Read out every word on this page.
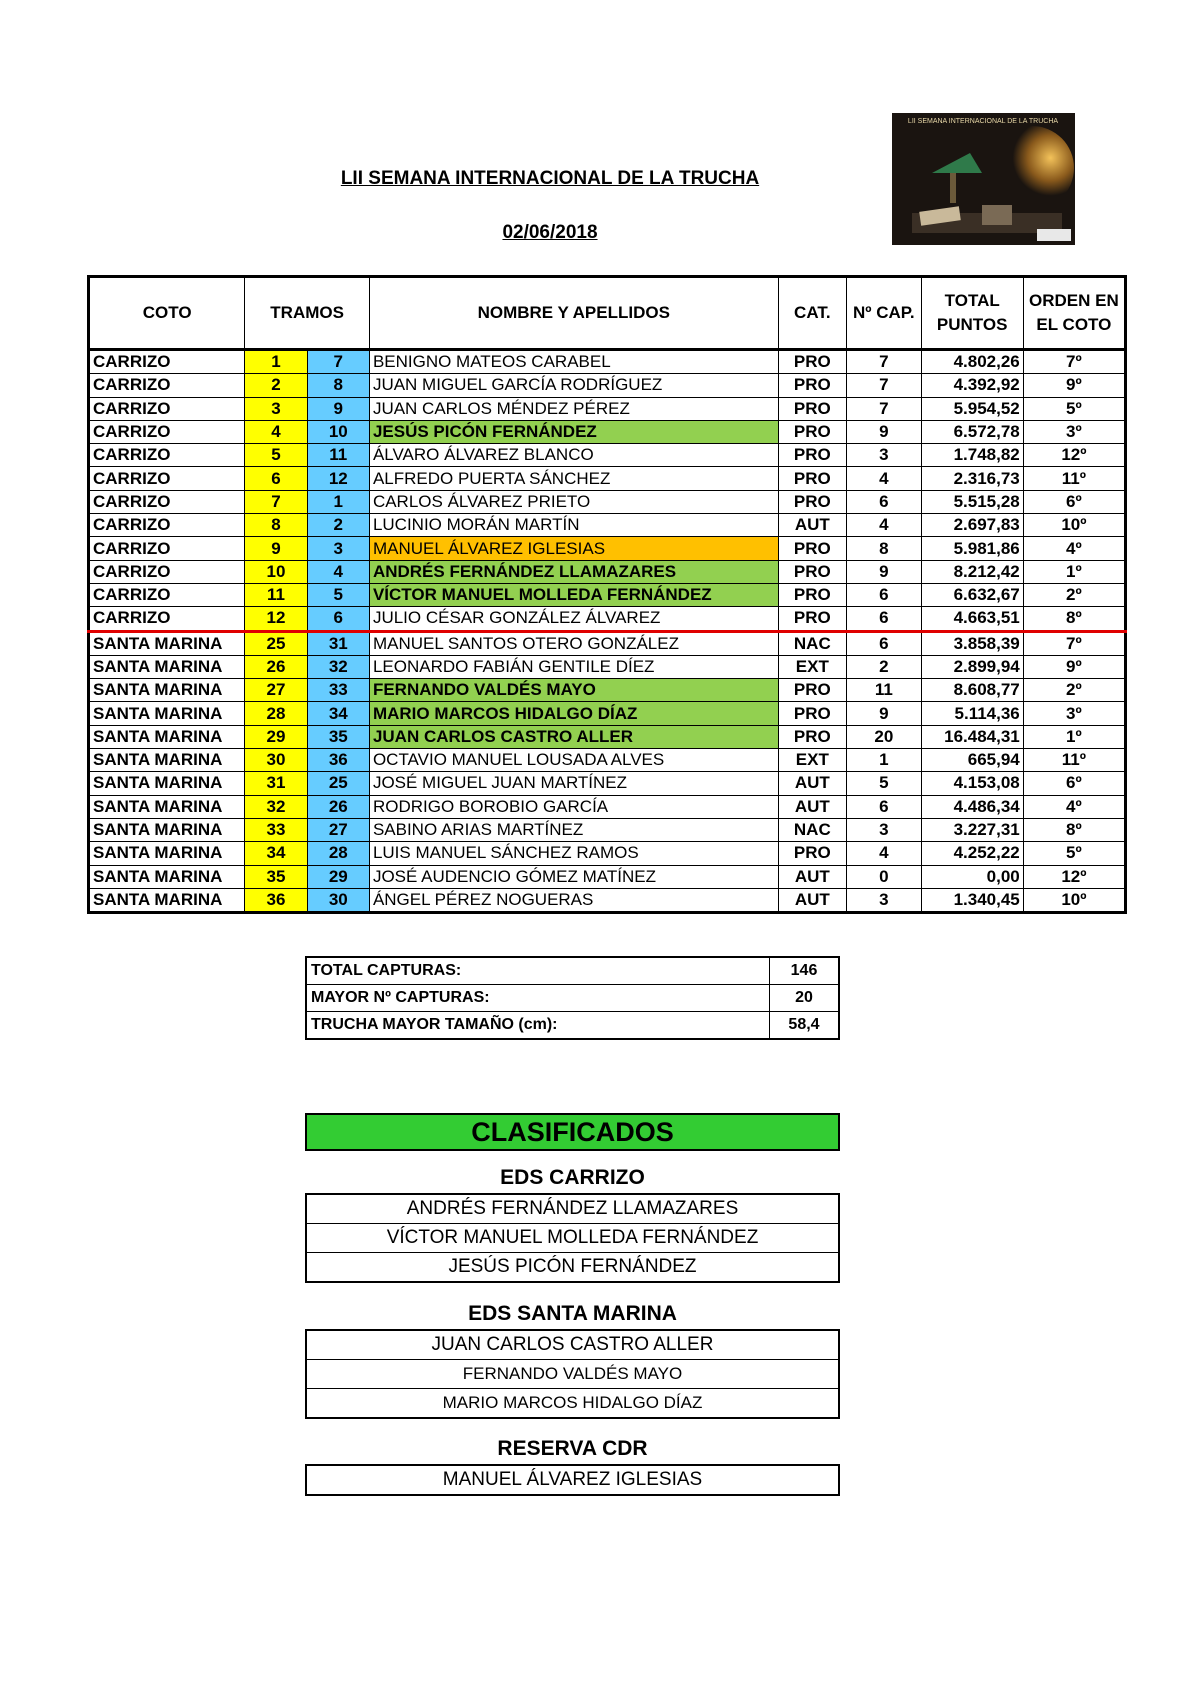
LII SEMANA INTERNACIONAL DE LA TRUCHA
02/06/2018
LII SEMANA INTERNACIONAL DE LA TRUCHA
COTO	TRAMOS		NOMBRE Y APELLIDOS	CAT.	Nº CAP.	TOTAL PUNTOS	ORDEN EN EL COTO
CARRIZO	1	7	BENIGNO MATEOS CARABEL	PRO	7	4.802,26	7º
CARRIZO	2	8	JUAN MIGUEL GARCÍA RODRÍGUEZ	PRO	7	4.392,92	9º
CARRIZO	3	9	JUAN CARLOS MÉNDEZ PÉREZ	PRO	7	5.954,52	5º
CARRIZO	4	10	JESÚS PICÓN FERNÁNDEZ	PRO	9	6.572,78	3º
CARRIZO	5	11	ÁLVARO ÁLVAREZ BLANCO	PRO	3	1.748,82	12º
CARRIZO	6	12	ALFREDO PUERTA SÁNCHEZ	PRO	4	2.316,73	11º
CARRIZO	7	1	CARLOS ÁLVAREZ PRIETO	PRO	6	5.515,28	6º
CARRIZO	8	2	LUCINIO MORÁN MARTÍN	AUT	4	2.697,83	10º
CARRIZO	9	3	MANUEL ÁLVAREZ IGLESIAS	PRO	8	5.981,86	4º
CARRIZO	10	4	ANDRÉS FERNÁNDEZ LLAMAZARES	PRO	9	8.212,42	1º
CARRIZO	11	5	VÍCTOR MANUEL MOLLEDA FERNÁNDEZ	PRO	6	6.632,67	2º
CARRIZO	12	6	JULIO CÉSAR GONZÁLEZ ÁLVAREZ	PRO	6	4.663,51	8º
SANTA MARINA	25	31	MANUEL SANTOS OTERO GONZÁLEZ	NAC	6	3.858,39	7º
SANTA MARINA	26	32	LEONARDO FABIÁN GENTILE DÍEZ	EXT	2	2.899,94	9º
SANTA MARINA	27	33	FERNANDO VALDÉS MAYO	PRO	11	8.608,77	2º
SANTA MARINA	28	34	MARIO MARCOS HIDALGO DÍAZ	PRO	9	5.114,36	3º
SANTA MARINA	29	35	JUAN CARLOS CASTRO ALLER	PRO	20	16.484,31	1º
SANTA MARINA	30	36	OCTAVIO MANUEL LOUSADA ALVES	EXT	1	665,94	11º
SANTA MARINA	31	25	JOSÉ MIGUEL JUAN MARTÍNEZ	AUT	5	4.153,08	6º
SANTA MARINA	32	26	RODRIGO BOROBIO GARCÍA	AUT	6	4.486,34	4º
SANTA MARINA	33	27	SABINO ARIAS MARTÍNEZ	NAC	3	3.227,31	8º
SANTA MARINA	34	28	LUIS MANUEL SÁNCHEZ RAMOS	PRO	4	4.252,22	5º
SANTA MARINA	35	29	JOSÉ AUDENCIO GÓMEZ MATÍNEZ	AUT	0	0,00	12º
SANTA MARINA	36	30	ÁNGEL PÉREZ NOGUERAS	AUT	3	1.340,45	10º
TOTAL CAPTURAS:	146
MAYOR Nº CAPTURAS:	20
TRUCHA MAYOR TAMAÑO (cm):	58,4
CLASIFICADOS
EDS CARRIZO
ANDRÉS FERNÁNDEZ LLAMAZARES
VÍCTOR MANUEL MOLLEDA FERNÁNDEZ
JESÚS PICÓN FERNÁNDEZ
EDS SANTA MARINA
JUAN CARLOS CASTRO ALLER
FERNANDO VALDÉS MAYO
MARIO MARCOS HIDALGO DÍAZ
RESERVA CDR
MANUEL ÁLVAREZ IGLESIAS
